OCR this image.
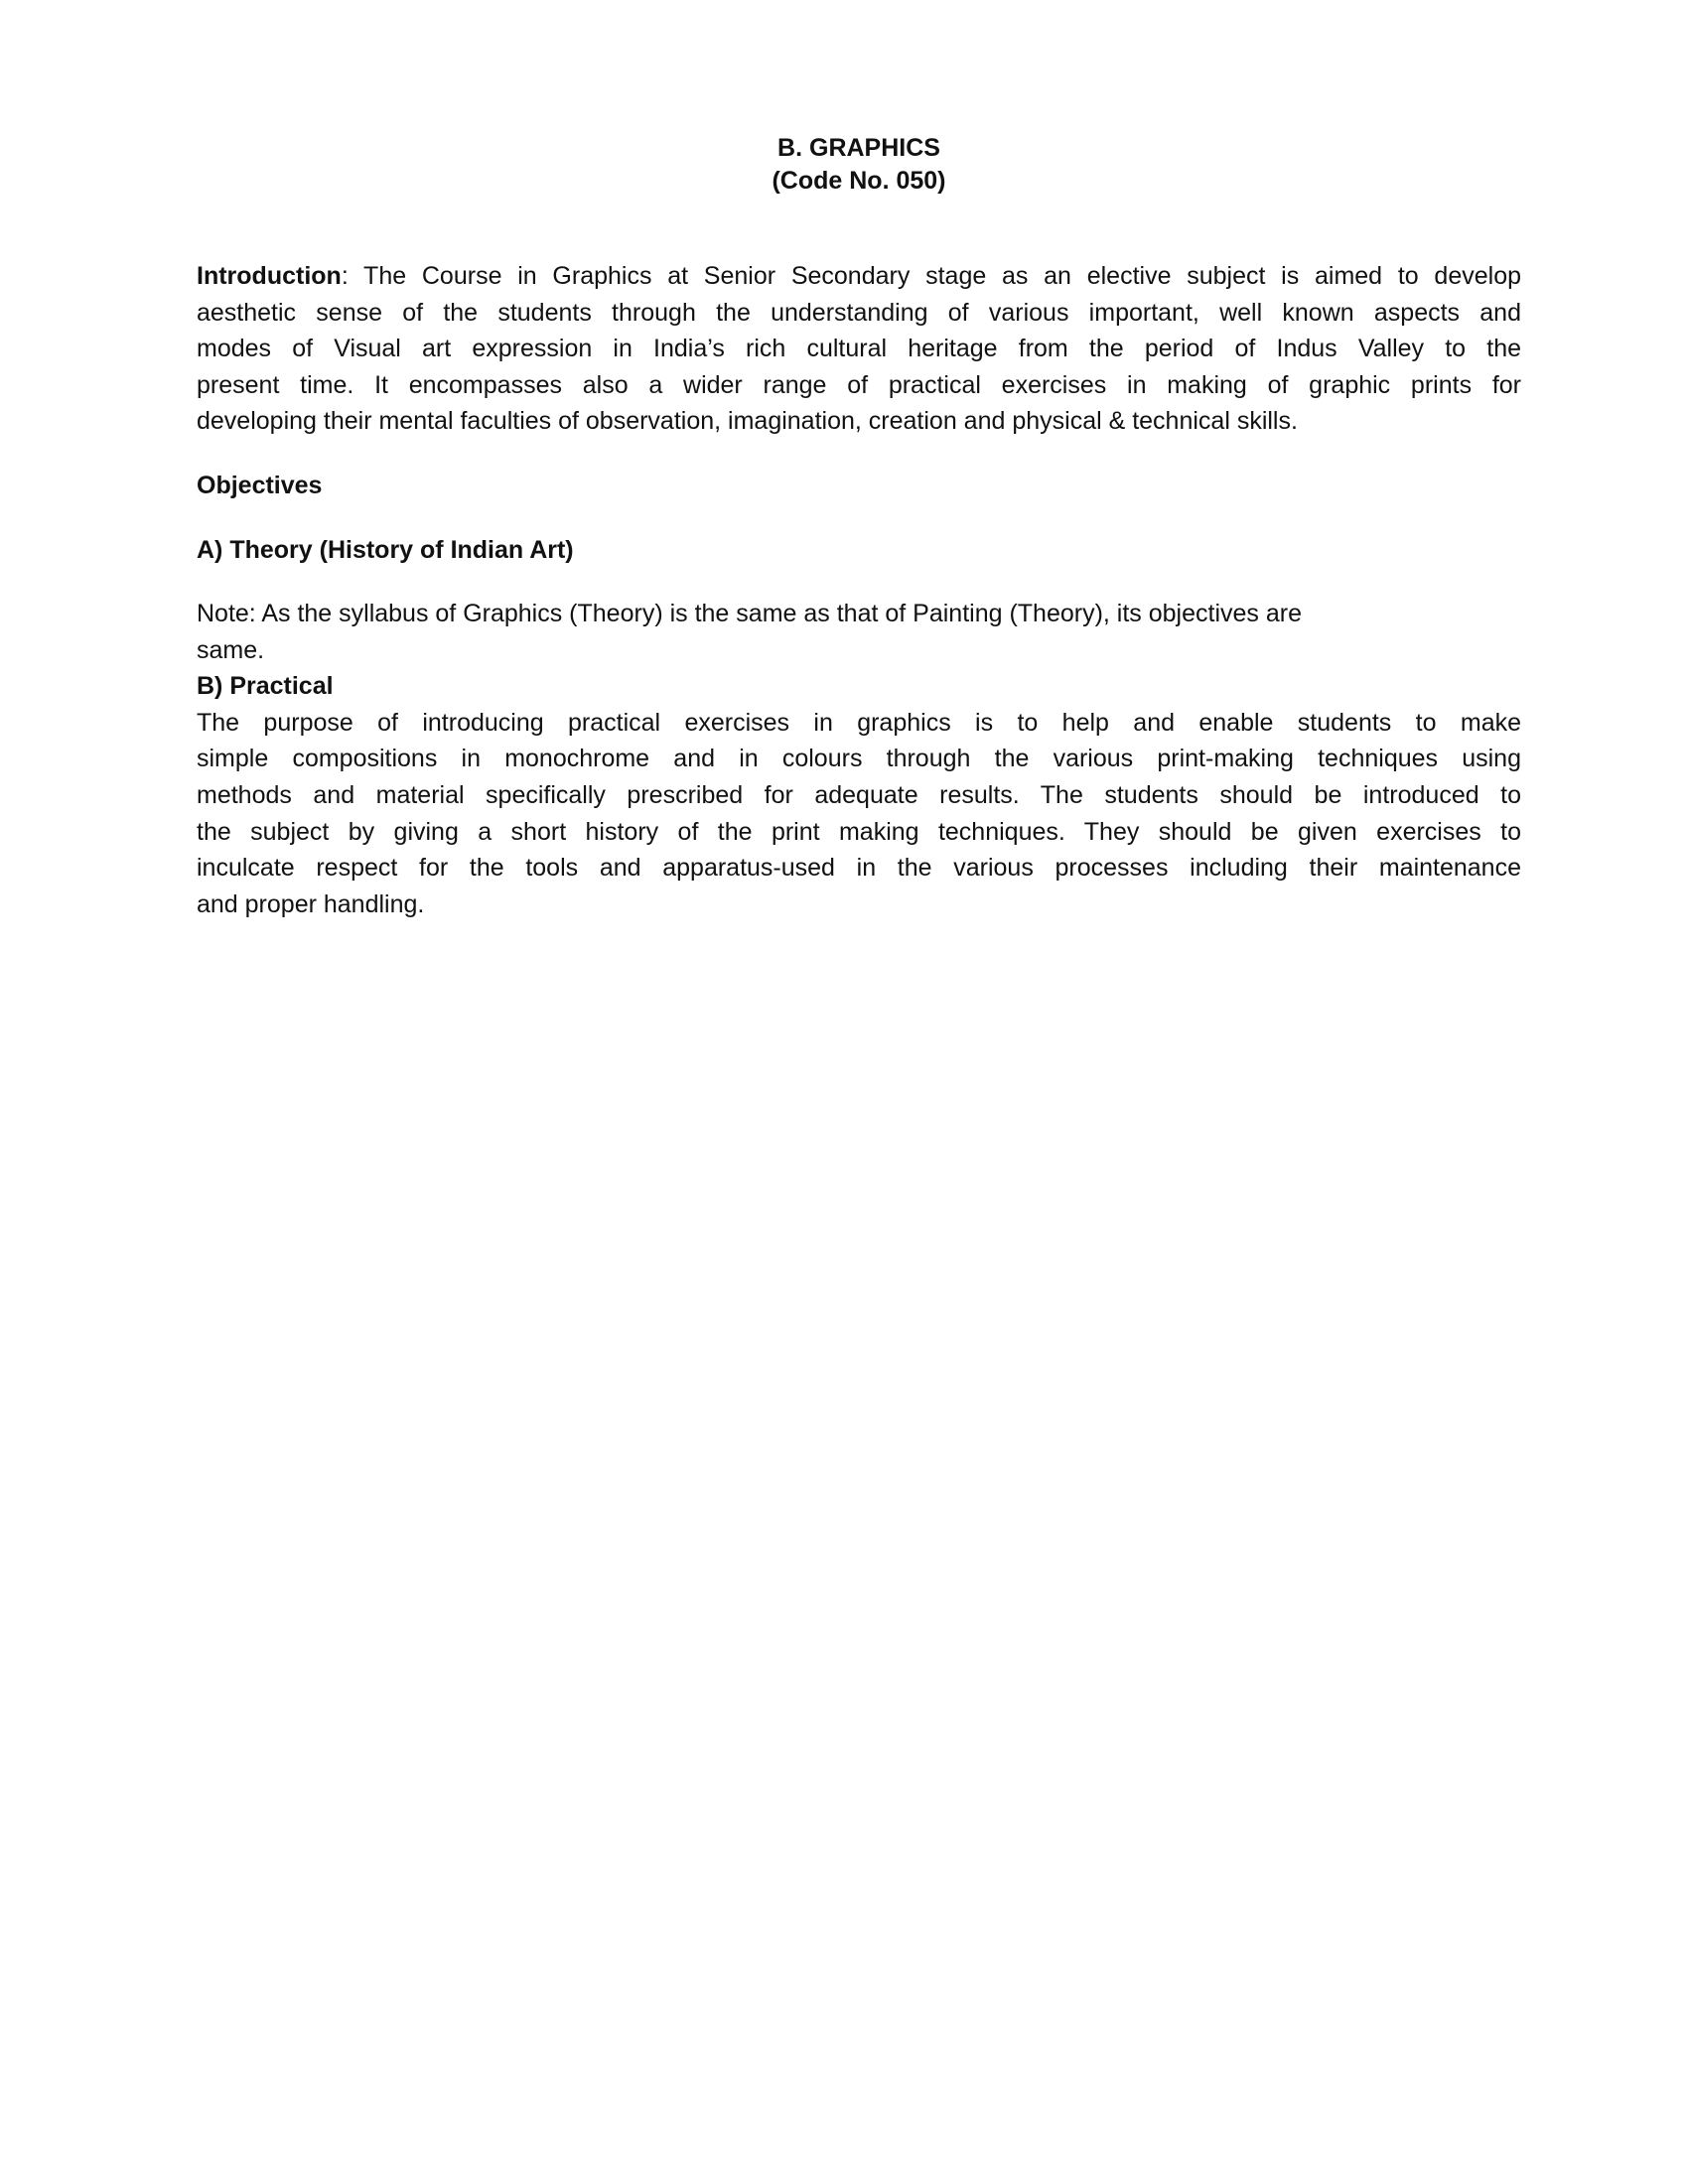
B. GRAPHICS
(Code No. 050)
Introduction: The Course in Graphics at Senior Secondary stage as an elective subject is aimed to develop
aesthetic sense of the students through the understanding of various important, well known aspects and
modes of Visual art expression in India’s rich cultural heritage from the period of Indus Valley to the
present time. It encompasses also a wider range of practical exercises in making of graphic prints for
developing their mental faculties of observation, imagination, creation and physical & technical skills.
Objectives
A) Theory (History of Indian Art)
Note: As the syllabus of Graphics (Theory) is the same as that of Painting (Theory), its objectives are
same.
B) Practical
The purpose of introducing practical exercises in graphics is to help and enable students to make
simple compositions in monochrome and in colours through the various print-making techniques using
methods and material specifically prescribed for adequate results. The students should be introduced to
the subject by giving a short history of the print making techniques. They should be given exercises to
inculcate respect for the tools and apparatus-used in the various processes including their maintenance
and proper handling.
